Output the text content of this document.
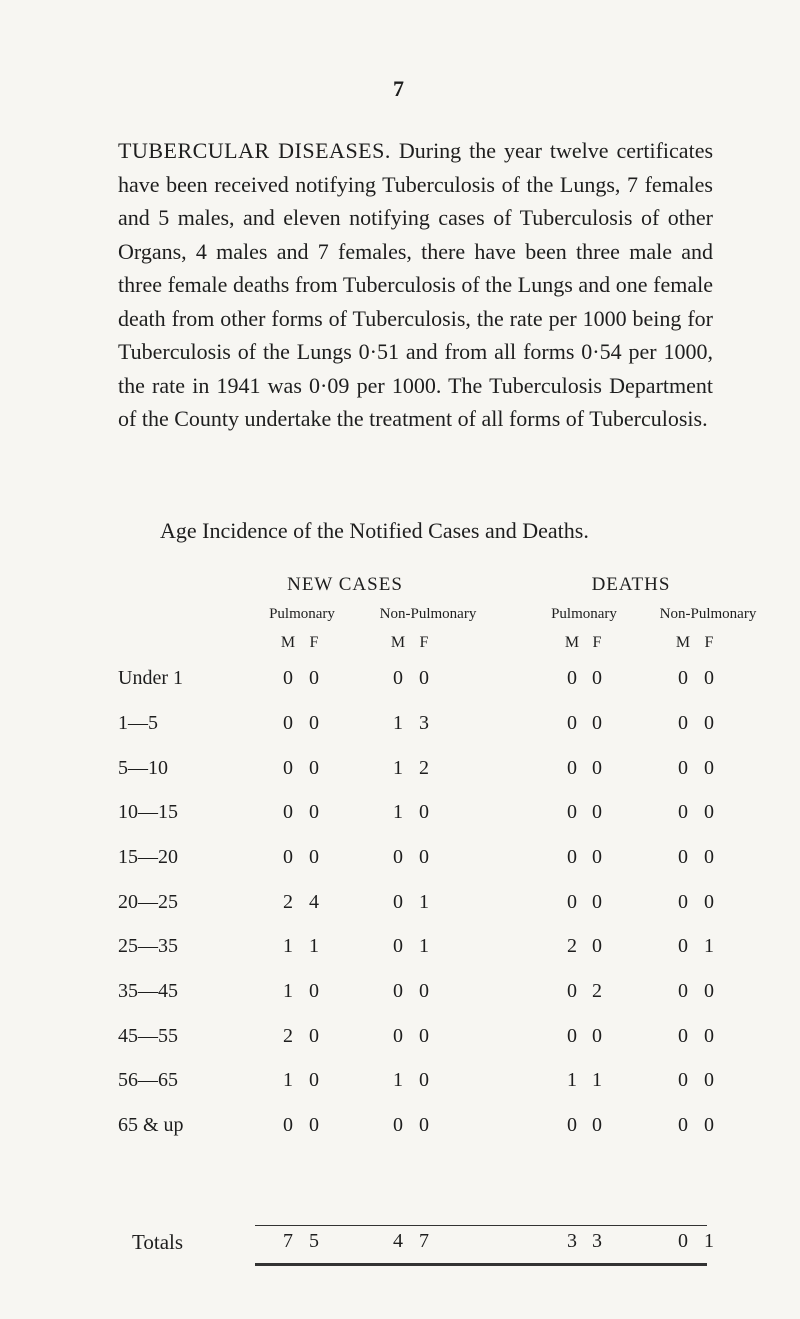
7

TUBERCULAR DISEASES. During the year twelve certificates have been received notifying Tuberculosis of the Lungs, 7 females and 5 males, and eleven notifying cases of Tuberculosis of other Organs, 4 males and 7 females, there have been three male and three female deaths from Tuberculosis of the Lungs and one female death from other forms of Tuberculosis, the rate per 1000 being for Tuberculosis of the Lungs 0·51 and from all forms 0·54 per 1000, the rate in 1941 was 0·09 per 1000. The Tuberculosis Department of the County undertake the treatment of all forms of Tuberculosis.

Age Incidence of the Notified Cases and Deaths.

NEW CASES	DEATHS
Pulmonary	Non-Pulmonary	Pulmonary	Non-Pulmonary
M F	M F	M F	M F
Under 1	0 0	0 0	0 0	0 0
1—5	0 0	1 3	0 0	0 0
5—10	0 0	1 2	0 0	0 0
10—15	0 0	1 0	0 0	0 0
15—20	0 0	0 0	0 0	0 0
20—25	2 4	0 1	0 0	0 0
25—35	1 1	0 1	2 0	0 1
35—45	1 0	0 0	0 2	0 0
45—55	2 0	0 0	0 0	0 0
56—65	1 0	1 0	1 1	0 0
65 & up	0 0	0 0	0 0	0 0
Totals	7 5	4 7	3 3	0 1
